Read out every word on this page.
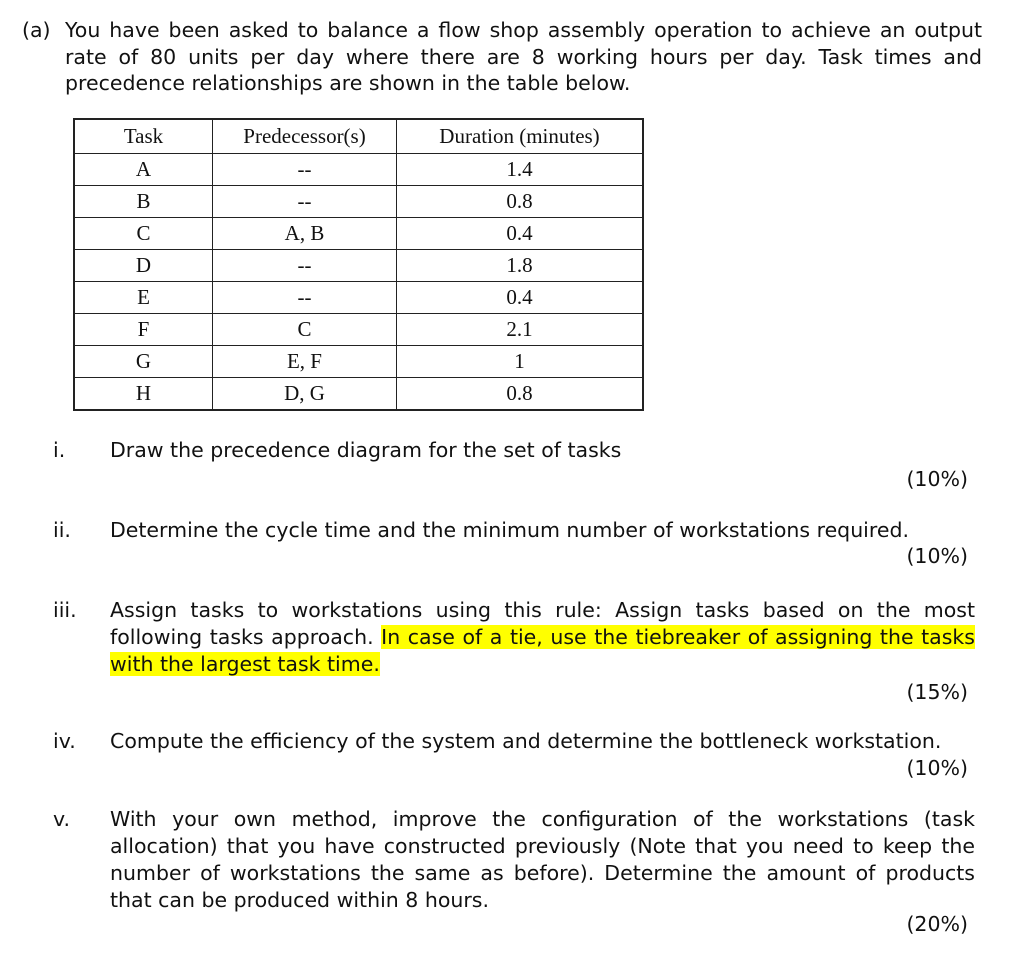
(a) You have been asked to balance a flow shop assembly operation to achieve an output rate of 80 units per day where there are 8 working hours per day. Task times and precedence relationships are shown in the table below.
Task	Predecessor(s)	Duration (minutes)
A	--	1.4
B	--	0.8
C	A, B	0.4
D	--	1.8
E	--	0.4
F	C	2.1
G	E, F	1
H	D, G	0.8
i. Draw the precedence diagram for the set of tasks
(10%)
ii. Determine the cycle time and the minimum number of workstations required.
(10%)
iii. Assign tasks to workstations using this rule: Assign tasks based on the most following tasks approach. In case of a tie, use the tiebreaker of assigning the tasks with the largest task time.
(15%)
iv. Compute the efficiency of the system and determine the bottleneck workstation.
(10%)
v. With your own method, improve the configuration of the workstations (task allocation) that you have constructed previously (Note that you need to keep the number of workstations the same as before). Determine the amount of products that can be produced within 8 hours.
(20%)
